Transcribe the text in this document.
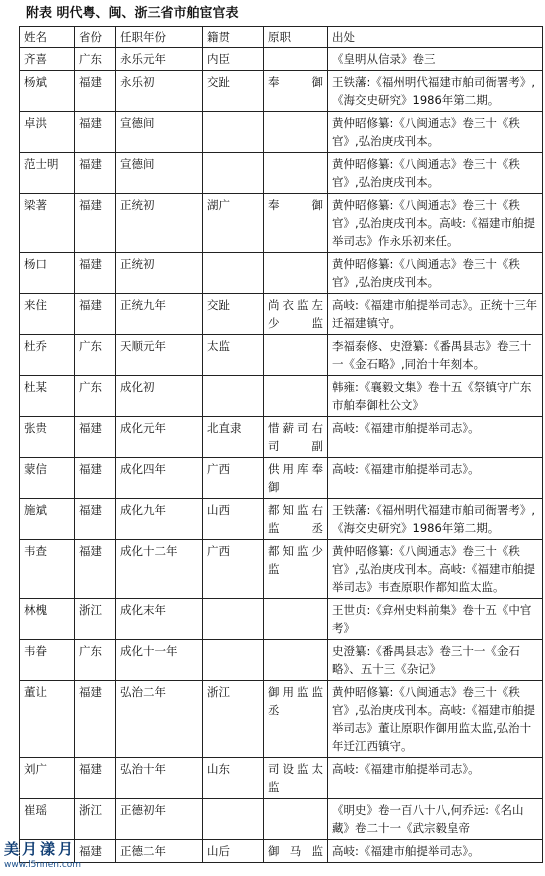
附表 明代粤、闽、浙三省市舶宦官表
姓名	省份	任职年份	籍贯	原职	出处
齐喜	广东	永乐元年	内臣		《皇明从信录》卷三
杨斌	福建	永乐初	交趾	奉御	王铁藩:《福州明代福建市舶司衙署考》,《海交史研究》1986年第二期。
卓洪	福建	宣德间			黄仲昭修纂:《八闽通志》卷三十《秩官》,弘治庚戌刊本。
范士明	福建	宣德间			黄仲昭修纂:《八闽通志》卷三十《秩官》,弘治庚戌刊本。
梁著	福建	正统初	湖广	奉御	黄仲昭修纂:《八闽通志》卷三十《秩官》,弘治庚戌刊本。高岐:《福建市舶提举司志》作永乐初来任。
杨口	福建	正统初			黄仲昭修纂:《八闽通志》卷三十《秩官》,弘治庚戌刊本。
来住	福建	正统九年	交趾	尚衣监左少监	高岐:《福建市舶提举司志》。正统十三年迁福建镇守。
杜乔	广东	天顺元年	太监		李福泰修、史澄纂:《番禺县志》卷三十一《金石略》,同治十年刻本。
杜某	广东	成化初			韩雍:《襄毅文集》卷十五《祭镇守广东市舶奉御杜公文》
张贵	福建	成化元年	北直隶	惜薪司右司副	高岐:《福建市舶提举司志》。
蒙信	福建	成化四年	广西	供用库奉御	高岐:《福建市舶提举司志》。
施斌	福建	成化九年	山西	都知监右监丞	王铁藩:《福州明代福建市舶司衙署考》,《海交史研究》1986年第二期。
韦查	福建	成化十二年	广西	都知监少监	黄仲昭修纂:《八闽通志》卷三十《秩官》,弘治庚戌刊本。高岐:《福建市舶提举司志》韦查原职作都知监太监。
林槐	浙江	成化末年			王世贞:《弇州史料前集》卷十五《中官考》
韦眷	广东	成化十一年			史澄纂:《番禺县志》卷三十一《金石略》、五十三《杂记》
董让	福建	弘治二年	浙江	御用监监丞	黄仲昭修纂:《八闽通志》卷三十《秩官》,弘治庚戌刊本。高岐:《福建市舶提举司志》董让原职作御用监太监,弘治十年迁江西镇守。
刘广	福建	弘治十年	山东	司设监太监	高岐:《福建市舶提举司志》。
崔瑶	浙江	正德初年			《明史》卷一百八十八,何乔远:《名山藏》卷二十一《武宗毅皇帝
	福建	正德二年	山后	御马监	高岐:《福建市舶提举司志》。
美月漾月
www.l5nnen.com
